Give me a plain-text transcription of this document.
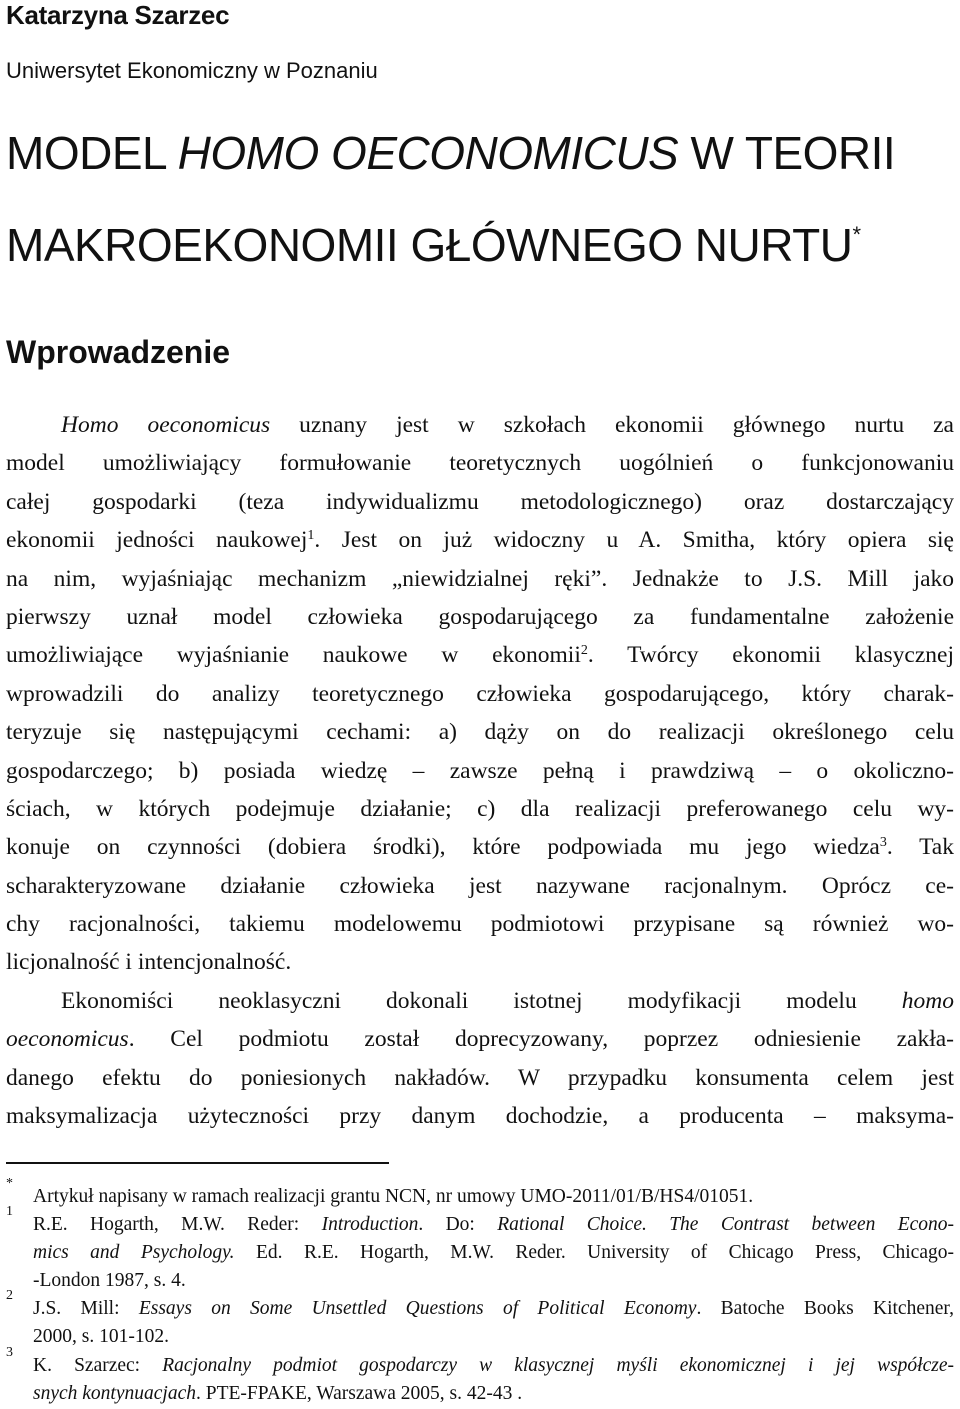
Katarzyna Szarzec
Uniwersytet Ekonomiczny w Poznaniu
MODEL HOMO OECONOMICUS W TEORII
MAKROEKONOMII GŁÓWNEGO NURTU*
Wprowadzenie
Homo oeconomicus uznany jest w szkołach ekonomii głównego nurtu za
model umożliwiający formułowanie teoretycznych uogólnień o funkcjonowaniu
całej gospodarki (teza indywidualizmu metodologicznego) oraz dostarczający
ekonomii jedności naukowej$^1$. Jest on już widoczny u A. Smitha, który opiera się
na nim, wyjaśniając mechanizm „niewidzialnej ręki”. Jednakże to J.S. Mill jako
pierwszy uznał model człowieka gospodarującego za fundamentalne założenie
umożliwiające wyjaśnianie naukowe w ekonomii$^2$. Twórcy ekonomii klasycznej
wprowadzili do analizy teoretycznego człowieka gospodarującego, który charak-
teryzuje się następującymi cechami: a) dąży on do realizacji określonego celu
gospodarczego; b) posiada wiedzę – zawsze pełną i prawdziwą – o okoliczno-
ściach, w których podejmuje działanie; c) dla realizacji preferowanego celu wy-
konuje on czynności (dobiera środki), które podpowiada mu jego wiedza$^3$. Tak
scharakteryzowane działanie człowieka jest nazywane racjonalnym. Oprócz ce-
chy racjonalności, takiemu modelowemu podmiotowi przypisane są również wo-
licjonalność i intencjonalność.
Ekonomiści neoklasyczni dokonali istotnej modyfikacji modelu homo
oeconomicus. Cel podmiotu został doprecyzowany, poprzez odniesienie zakła-
danego efektu do poniesionych nakładów. W przypadku konsumenta celem jest
maksymalizacja użyteczności przy danym dochodzie, a producenta – maksyma-
*
Artykuł napisany w ramach realizacji grantu NCN, nr umowy UMO-2011/01/B/HS4/01051.
1
R.E. Hogarth, M.W. Reder: Introduction. Do: Rational Choice. The Contrast between Econo-
mics and Psychology. Ed. R.E. Hogarth, M.W. Reder. University of Chicago Press, Chicago-
-London 1987, s. 4.
2
J.S. Mill: Essays on Some Unsettled Questions of Political Economy. Batoche Books Kitchener,
2000, s. 101-102.
3
K. Szarzec: Racjonalny podmiot gospodarczy w klasycznej myśli ekonomicznej i jej współcze-
snych kontynuacjach. PTE-FPAKE, Warszawa 2005, s. 42-43 .
